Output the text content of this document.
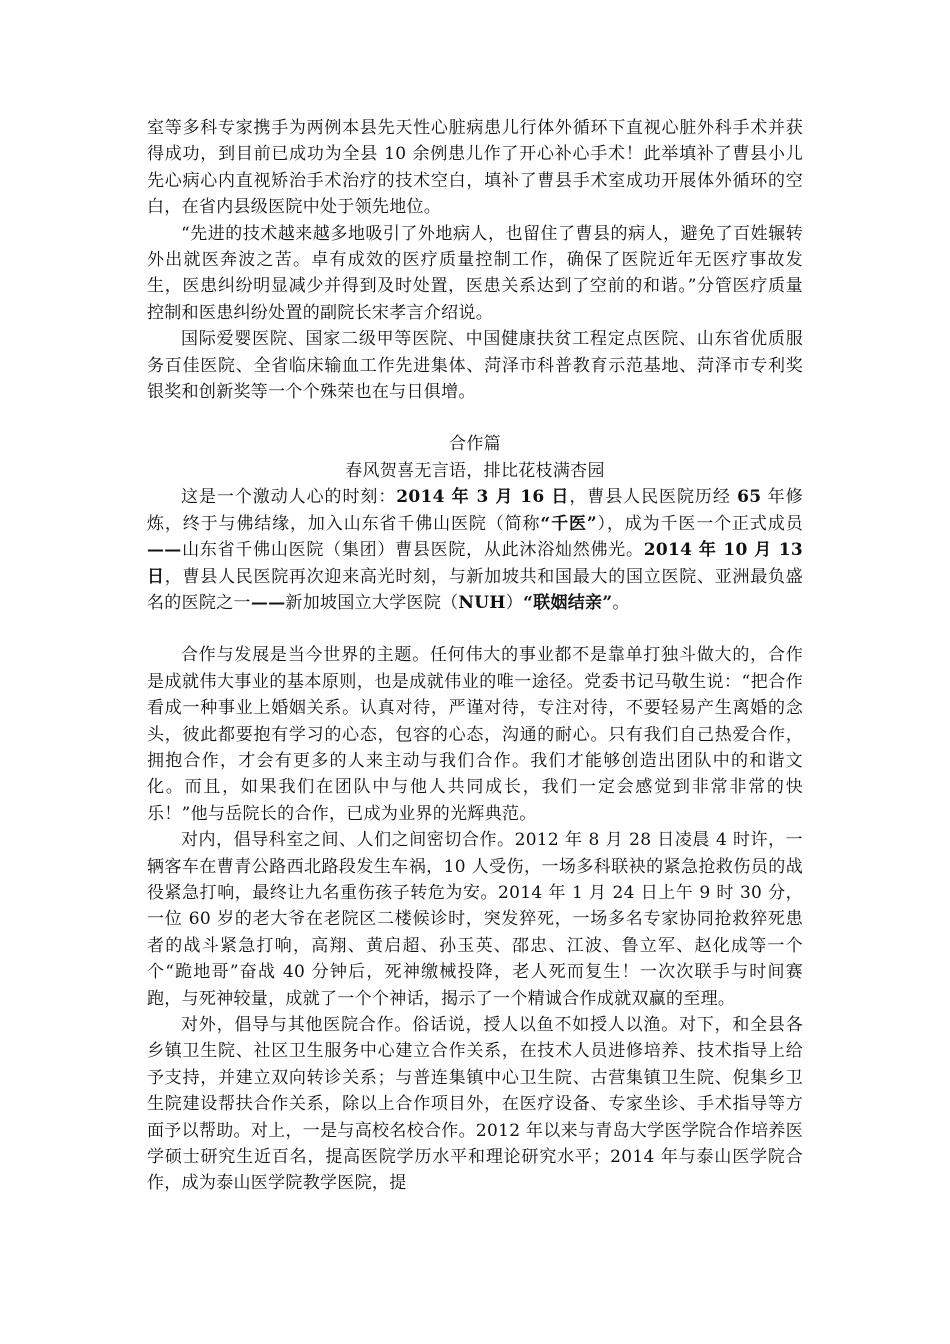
室等多科专家携手为两例本县先天性心脏病患儿行体外循环下直视心脏外科手术并获得成功，到目前已成功为全县 10 余例患儿作了开心补心手术！此举填补了曹县小儿先心病心内直视矫治手术治疗的技术空白，填补了曹县手术室成功开展体外循环的空白，在省内县级医院中处于领先地位。

“先进的技术越来越多地吸引了外地病人，也留住了曹县的病人，避免了百姓辗转外出就医奔波之苦。卓有成效的医疗质量控制工作，确保了医院近年无医疗事故发生，医患纠纷明显减少并得到及时处置，医患关系达到了空前的和谐。”分管医疗质量控制和医患纠纷处置的副院长宋孝言介绍说。

国际爱婴医院、国家二级甲等医院、中国健康扶贫工程定点医院、山东省优质服务百佳医院、全省临床输血工作先进集体、菏泽市科普教育示范基地、菏泽市专利奖银奖和创新奖等一个个殊荣也在与日俱增。

合作篇

春风贺喜无言语，排比花枝满杏园

这是一个激动人心的时刻：2014 年 3 月 16 日，曹县人民医院历经 65 年修炼，终于与佛结缘，加入山东省千佛山医院（简称“千医”），成为千医一个正式成员——山东省千佛山医院（集团）曹县医院，从此沐浴灿然佛光。2014 年 10 月 13 日，曹县人民医院再次迎来高光时刻，与新加坡共和国最大的国立医院、亚洲最负盛名的医院之一——新加坡国立大学医院（NUH）“联姻结亲”。

合作与发展是当今世界的主题。任何伟大的事业都不是靠单打独斗做大的，合作是成就伟大事业的基本原则，也是成就伟业的唯一途径。党委书记马敬生说：“把合作看成一种事业上婚姻关系。认真对待，严谨对待，专注对待，不要轻易产生离婚的念头，彼此都要抱有学习的心态，包容的心态，沟通的耐心。只有我们自己热爱合作，拥抱合作，才会有更多的人来主动与我们合作。我们才能够创造出团队中的和谐文化。而且，如果我们在团队中与他人共同成长，我们一定会感觉到非常非常的快乐！”他与岳院长的合作，已成为业界的光辉典范。

对内，倡导科室之间、人们之间密切合作。2012 年 8 月 28 日凌晨 4 时许，一辆客车在曹青公路西北路段发生车祸，10 人受伤，一场多科联袂的紧急抢救伤员的战役紧急打响，最终让九名重伤孩子转危为安。2014 年 1 月 24 日上午 9 时 30 分，一位 60 岁的老大爷在老院区二楼候诊时，突发猝死，一场多名专家协同抢救猝死患者的战斗紧急打响，高翔、黄启超、孙玉英、邵忠、江波、鲁立军、赵化成等一个个“跪地哥”奋战 40 分钟后，死神缴械投降，老人死而复生！一次次联手与时间赛跑，与死神较量，成就了一个个神话，揭示了一个精诚合作成就双赢的至理。

对外，倡导与其他医院合作。俗话说，授人以鱼不如授人以渔。对下，和全县各乡镇卫生院、社区卫生服务中心建立合作关系，在技术人员进修培养、技术指导上给予支持，并建立双向转诊关系；与普连集镇中心卫生院、古营集镇卫生院、倪集乡卫生院建设帮扶合作关系，除以上合作项目外，在医疗设备、专家坐诊、手术指导等方面予以帮助。对上，一是与高校名校合作。2012 年以来与青岛大学医学院合作培养医学硕士研究生近百名，提高医院学历水平和理论研究水平；2014 年与泰山医学院合作，成为泰山医学院教学医院，提
